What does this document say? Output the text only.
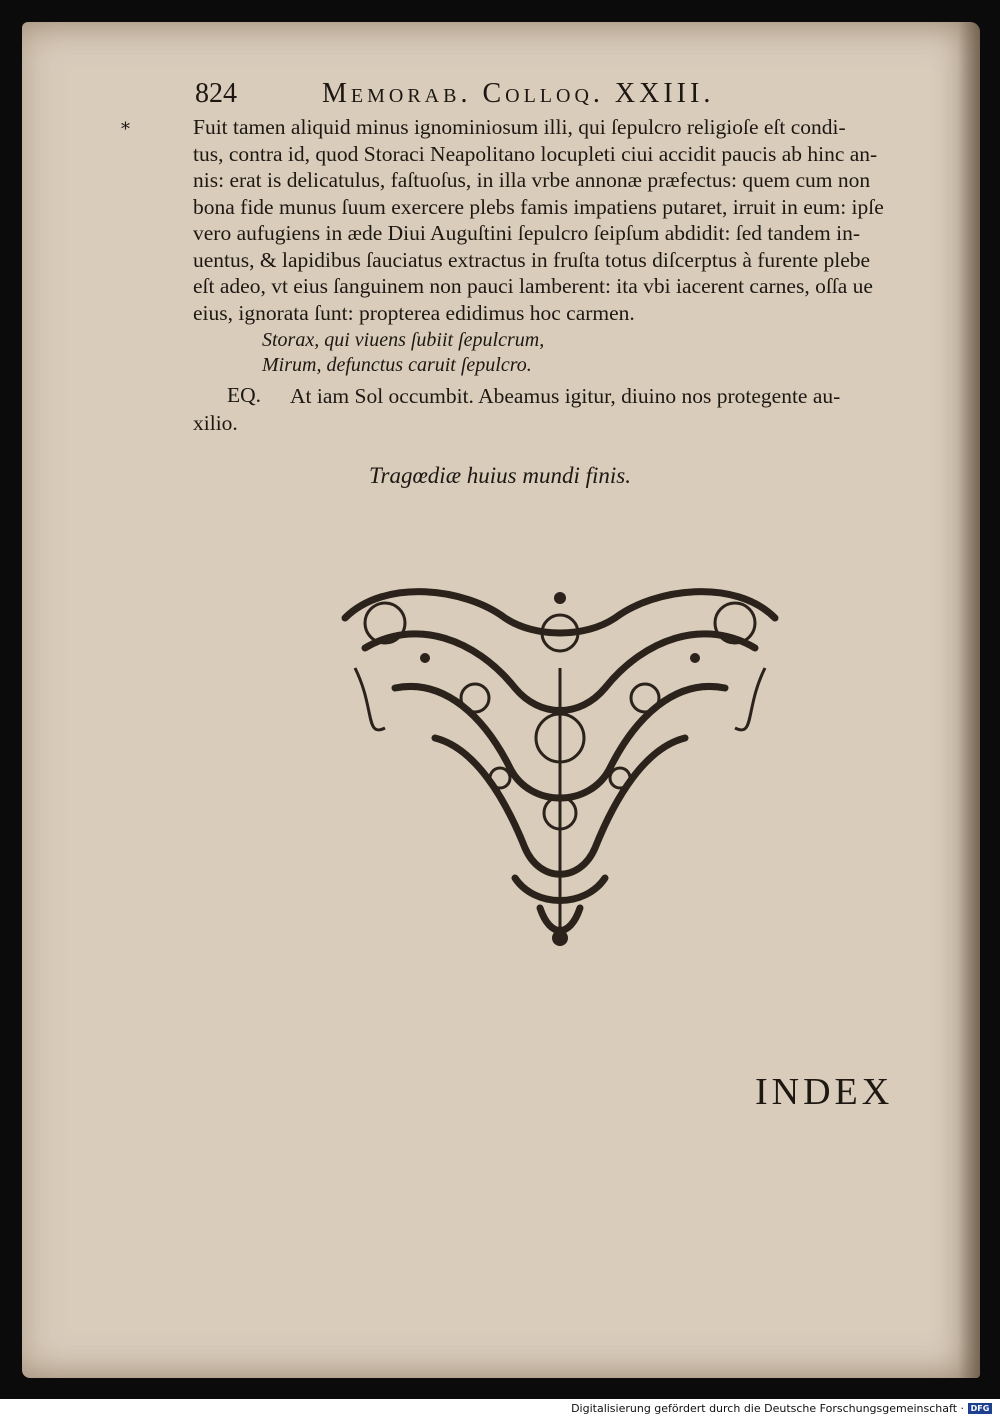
824	Memorab. Colloq. XXIII.
*	Fuit tamen aliquid minus ignominiosum illi, qui ſepulcro religioſe eſt condi-
tus, contra id, quod Storaci Neapolitano locupleti ciui accidit paucis ab hinc an-
nis: erat is delicatulus, faſtuoſus, in illa vrbe annonæ præfectus: quem cum non
bona fide munus ſuum exercere plebs famis impatiens putaret, irruit in eum: ipſe
vero aufugiens in æde Diui Auguſtini ſepulcro ſeipſum abdidit: ſed tandem in-
uentus, & lapidibus ſauciatus extractus in fruſta totus diſcerptus à furente plebe
eſt adeo, vt eius ſanguinem non pauci lamberent: ita vbi iacerent carnes, oſſa ue
eius, ignorata ſunt: propterea edidimus hoc carmen.
Storax, qui viuens ſubiit ſepulcrum,
Mirum, defunctus caruit ſepulcro.
EQ.	At iam Sol occumbit. Abeamus igitur, diuino nos protegente au-
xilio.
Tragœdiæ huius mundi finis.
INDEX
Digitalisierung gefördert durch die Deutsche Forschungsgemeinschaft · DFG
